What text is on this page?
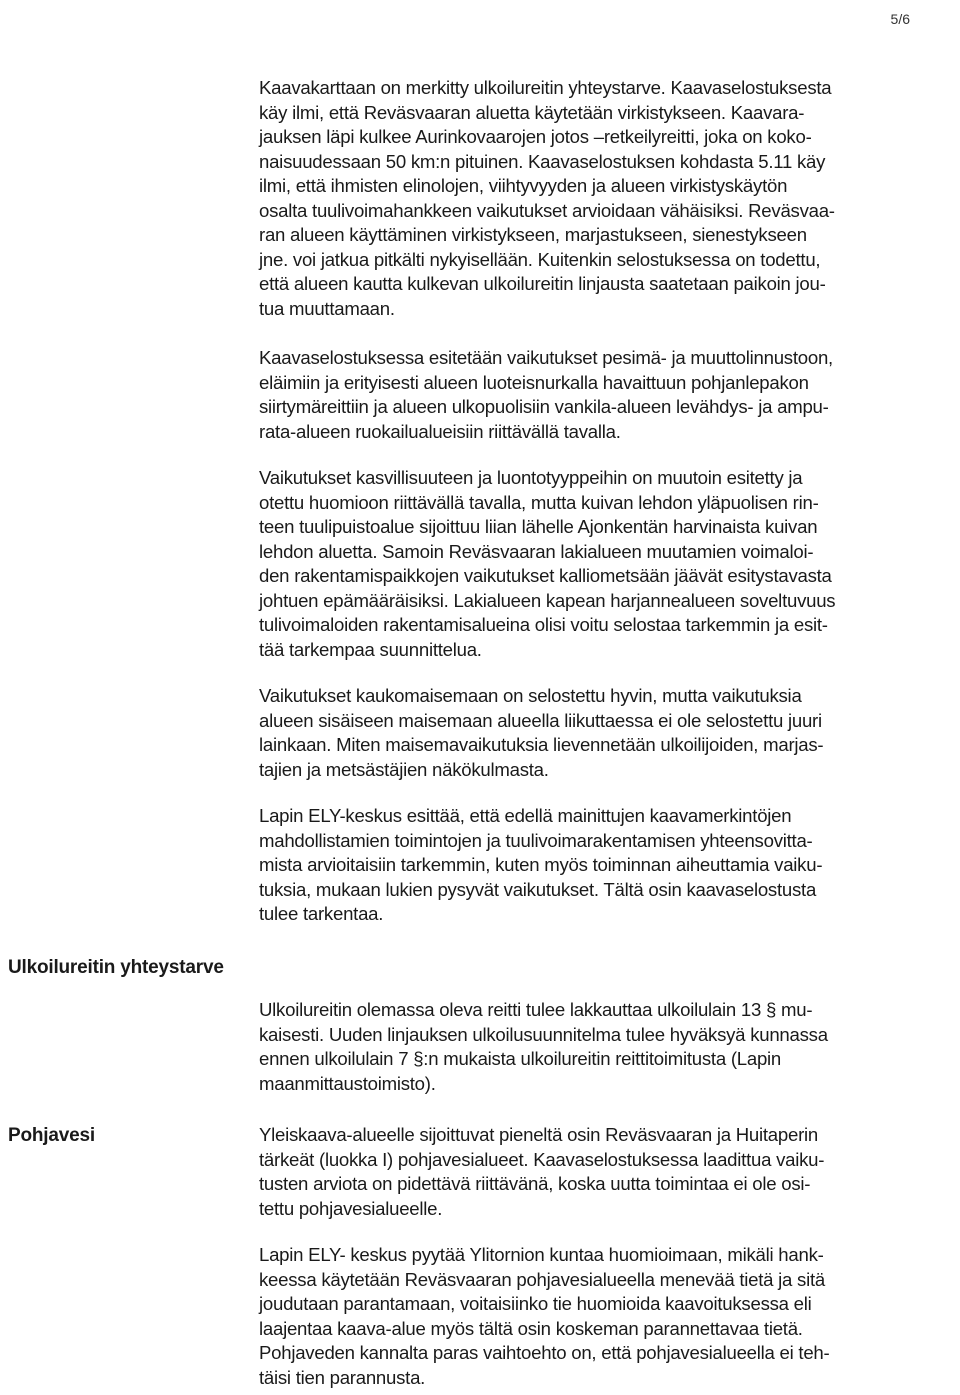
5/6
Ulkoilureitin yhteystarve
Pohjavesi
Kaavakarttaan on merkitty ulkoilureitin yhteystarve. Kaavaselostuksesta
käy ilmi, että Reväsvaaran aluetta käytetään virkistykseen. Kaavara-
jauksen läpi kulkee Aurinkovaarojen jotos –retkeilyreitti, joka on koko-
naisuudessaan 50 km:n pituinen. Kaavaselostuksen kohdasta 5.11 käy
ilmi, että ihmisten elinolojen, viihtyvyyden ja alueen virkistyskäytön
osalta tuulivoimahankkeen vaikutukset arvioidaan vähäisiksi. Reväsvaa-
ran alueen käyttäminen virkistykseen, marjastukseen, sienestykseen
jne. voi jatkua pitkälti nykyisellään. Kuitenkin selostuksessa on todettu,
että alueen kautta kulkevan ulkoilureitin linjausta saatetaan paikoin jou-
tua muuttamaan.
Kaavaselostuksessa esitetään vaikutukset pesimä- ja muuttolinnustoon,
eläimiin ja erityisesti alueen luoteisnurkalla havaittuun pohjanlepakon
siirtymäreittiin ja alueen ulkopuolisiin vankila-alueen levähdys- ja ampu-
rata-alueen ruokailualueisiin riittävällä tavalla.
Vaikutukset kasvillisuuteen ja luontotyyppeihin on muutoin esitetty ja
otettu huomioon riittävällä tavalla, mutta kuivan lehdon yläpuolisen rin-
teen tuulipuistoalue sijoittuu liian lähelle Ajonkentän harvinaista kuivan
lehdon aluetta. Samoin Reväsvaaran lakialueen muutamien voimaloi-
den rakentamispaikkojen vaikutukset kalliometsään jäävät esitystavasta
johtuen epämääräisiksi. Lakialueen kapean harjannealueen soveltuvuus
tulivoimaloiden rakentamisalueina olisi voitu selostaa tarkemmin ja esit-
tää tarkempaa suunnittelua.
Vaikutukset kaukomaisemaan on selostettu hyvin, mutta vaikutuksia
alueen sisäiseen maisemaan alueella liikuttaessa ei ole selostettu juuri
lainkaan. Miten maisemavaikutuksia lievennetään ulkoilijoiden, marjas-
tajien ja metsästäjien näkökulmasta.
Lapin ELY-keskus esittää, että edellä mainittujen kaavamerkintöjen
mahdollistamien toimintojen ja tuulivoimarakentamisen yhteensovitta-
mista arvioitaisiin tarkemmin, kuten myös toiminnan aiheuttamia vaiku-
tuksia, mukaan lukien pysyvät vaikutukset. Tältä osin kaavaselostusta
tulee tarkentaa.
Ulkoilureitin olemassa oleva reitti tulee lakkauttaa ulkoilulain 13 § mu-
kaisesti. Uuden linjauksen ulkoilusuunnitelma tulee hyväksyä kunnassa
ennen ulkoilulain 7 §:n mukaista ulkoilureitin reittitoimitusta (Lapin
maanmittaustoimisto).
Yleiskaava-alueelle sijoittuvat pieneltä osin Reväsvaaran ja Huitaperin
tärkeät (luokka I) pohjavesialueet. Kaavaselostuksessa laadittua vaiku-
tusten arviota on pidettävä riittävänä, koska uutta toimintaa ei ole osi-
tettu pohjavesialueelle.
Lapin ELY- keskus pyytää Ylitornion kuntaa huomioimaan, mikäli hank-
keessa käytetään Reväsvaaran pohjavesialueella menevää tietä ja sitä
joudutaan parantamaan, voitaisiinko tie huomioida kaavoituksessa eli
laajentaa kaava-alue myös tältä osin koskeman parannettavaa tietä.
Pohjaveden kannalta paras vaihtoehto on, että pohjavesialueella ei teh-
täisi tien parannusta.
